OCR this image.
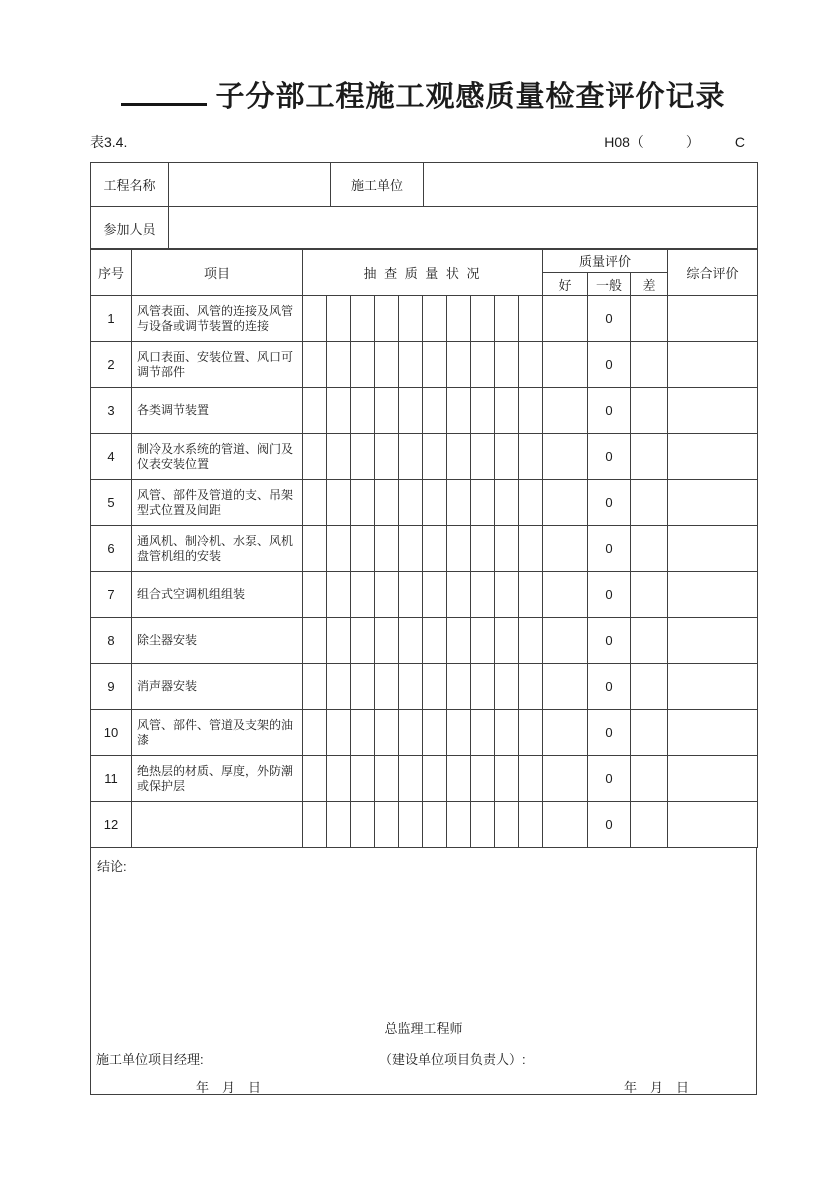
子分部工程施工观感质量检查评价记录
表3.4.	H08（　　　）　　　C
工程名称		施工单位	
参加人员			
序号	项目	抽 查 质 量 状 况										质量评价			综合评价
												好	一般	差	
1	风管表面、风管的连接及风管与设备或调节装置的连接												0		
2	风口表面、安装位置、风口可调节部件												0		
3	各类调节装置												0		
4	制冷及水系统的管道、阀门及仪表安装位置												0		
5	风管、部件及管道的支、吊架型式位置及间距												0		
6	通风机、制冷机、水泵、风机盘管机组的安装												0		
7	组合式空调机组组装												0		
8	除尘器安装												0		
9	消声器安装												0		
10	风管、部件、管道及支架的油漆												0		
11	绝热层的材质、厚度，外防潮或保护层												0		
12													0		
结论:
总监理工程师
施工单位项目经理:	（建设单位项目负责人）:
年　月　日	年　月　日
